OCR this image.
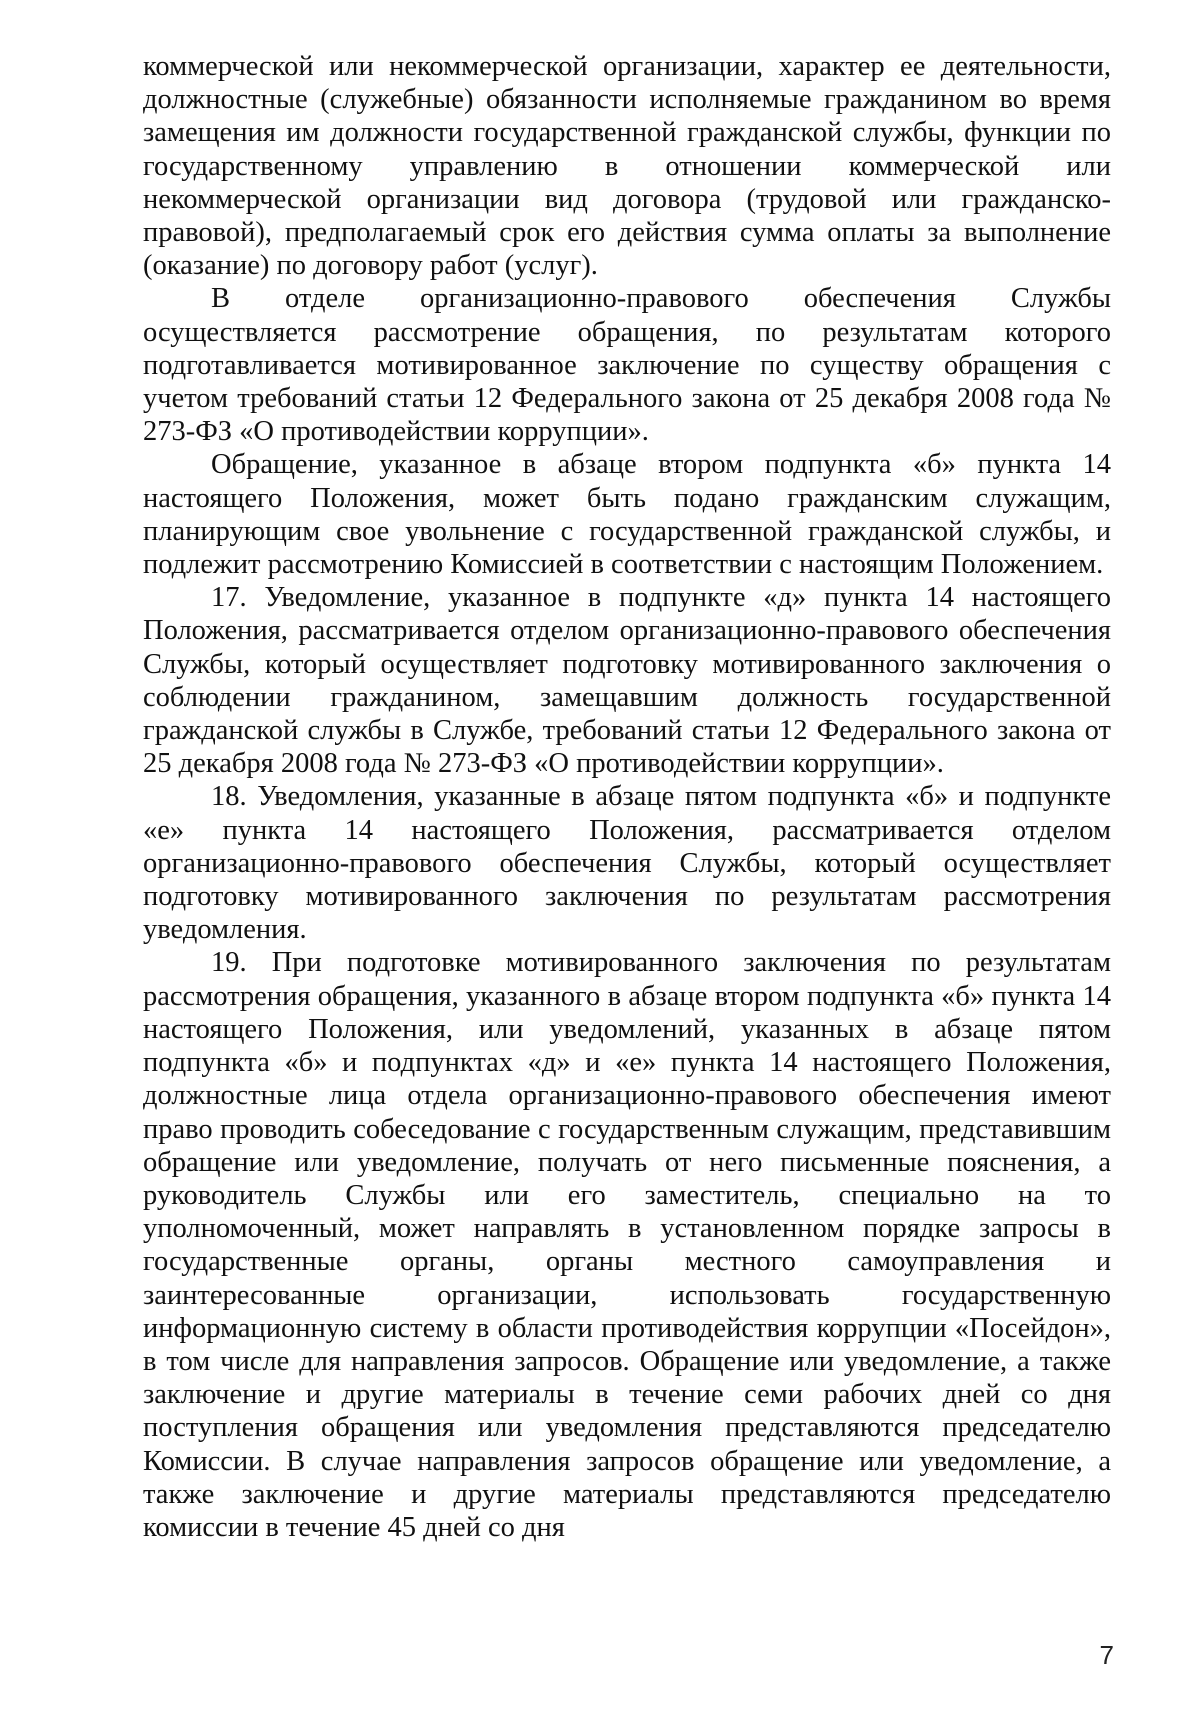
коммерческой или некоммерческой организации, характер ее деятельности, должностные (служебные) обязанности исполняемые гражданином во время замещения им должности государственной гражданской службы, функции по государственному управлению в отношении коммерческой или некоммерческой организации вид договора (трудовой или гражданско-правовой), предполагаемый срок его действия сумма оплаты за выполнение (оказание) по договору работ (услуг).

В отделе организационно-правового обеспечения Службы осуществляется рассмотрение обращения, по результатам которого подготавливается мотивированное заключение по существу обращения с учетом требований статьи 12 Федерального закона от 25 декабря 2008 года № 273-ФЗ «О противодействии коррупции».

Обращение, указанное в абзаце втором подпункта «б» пункта 14 настоящего Положения, может быть подано гражданским служащим, планирующим свое увольнение с государственной гражданской службы, и подлежит рассмотрению Комиссией в соответствии с настоящим Положением.

17. Уведомление, указанное в подпункте «д» пункта 14 настоящего Положения, рассматривается отделом организационно-правового обеспечения Службы, который осуществляет подготовку мотивированного заключения о соблюдении гражданином, замещавшим должность государственной гражданской службы в Службе, требований статьи 12 Федерального закона от 25 декабря 2008 года № 273-ФЗ «О противодействии коррупции».

18. Уведомления, указанные в абзаце пятом подпункта «б» и подпункте «е» пункта 14 настоящего Положения, рассматривается отделом организационно-правового обеспечения Службы, который осуществляет подготовку мотивированного заключения по результатам рассмотрения уведомления.

19. При подготовке мотивированного заключения по результатам рассмотрения обращения, указанного в абзаце втором подпункта «б» пункта 14 настоящего Положения, или уведомлений, указанных в абзаце пятом подпункта «б» и подпунктах «д» и «е» пункта 14 настоящего Положения, должностные лица отдела организационно-правового обеспечения имеют право проводить собеседование с государственным служащим, представившим обращение или уведомление, получать от него письменные пояснения, а руководитель Службы или его заместитель, специально на то уполномоченный, может направлять в установленном порядке запросы в государственные органы, органы местного самоуправления и заинтересованные организации, использовать государственную информационную систему в области противодействия коррупции «Посейдон», в том числе для направления запросов. Обращение или уведомление, а также заключение и другие материалы в течение семи рабочих дней со дня поступления обращения или уведомления представляются председателю Комиссии. В случае направления запросов обращение или уведомление, а также заключение и другие материалы представляются председателю комиссии в течение 45 дней со дня

7
